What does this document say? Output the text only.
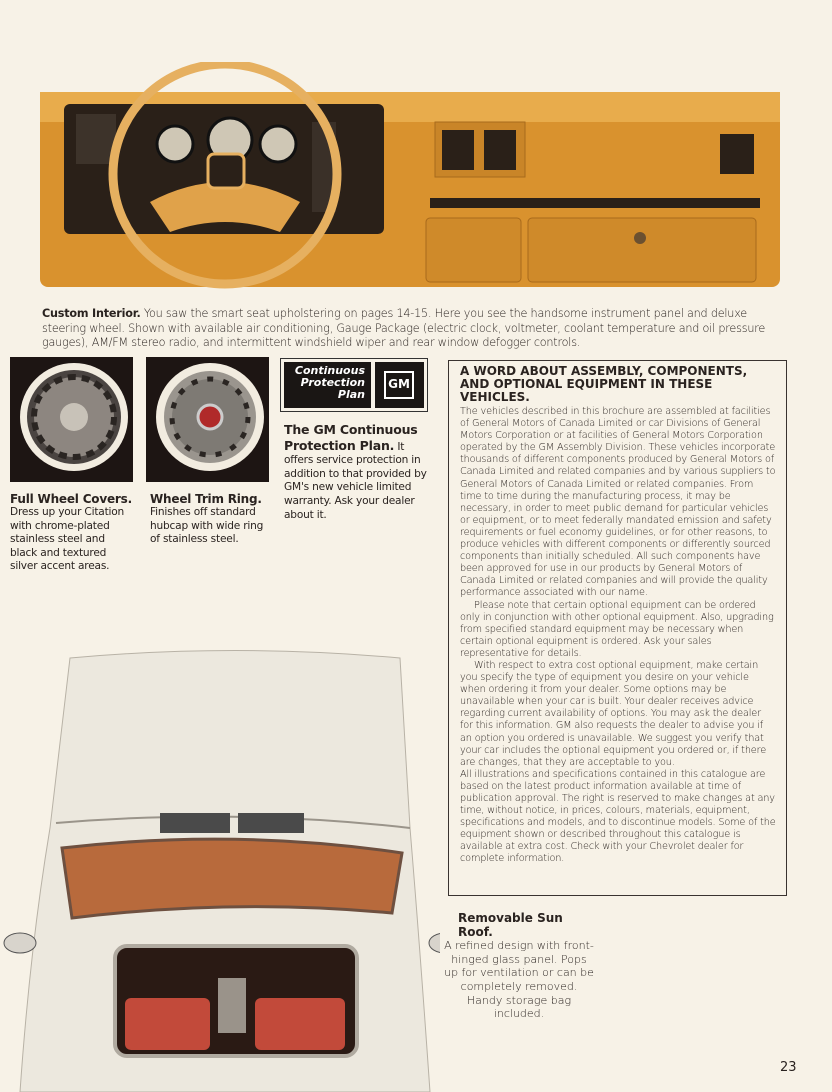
Custom Interior. You saw the smart seat upholstering on pages 14-15. Here you see the handsome instrument panel and deluxe steering wheel. Shown with available air conditioning, Gauge Package (electric clock, voltmeter, coolant temperature and oil pressure gauges), AM/FM stereo radio, and intermittent windshield wiper and rear window defogger controls.

Continuous
Protection
Plan
GM
Full Wheel Covers.
Dress up your Citation with chrome-plated stainless steel and black and textured silver accent areas.
Wheel Trim Ring.
Finishes off standard hubcap with wide ring of stainless steel.
The GM Continuous Protection Plan. It offers service protection in addition to that provided by GM's new vehicle limited warranty. Ask your dealer about it.
A WORD ABOUT ASSEMBLY, COMPONENTS, AND OPTIONAL EQUIPMENT IN THESE VEHICLES.

The vehicles described in this brochure are assembled at facilities of General Motors of Canada Limited or car Divisions of General Motors Corporation or at facilities of General Motors Corporation operated by the GM Assembly Division. These vehicles incorporate thousands of different components produced by General Motors of Canada Limited and related companies and by various suppliers to General Motors of Canada Limited or related companies. From time to time during the manufacturing process, it may be necessary, in order to meet public demand for particular vehicles or equipment, or to meet federally mandated emission and safety requirements or fuel economy guidelines, or for other reasons, to produce vehicles with different components or differently sourced components than initially scheduled. All such components have been approved for use in our products by General Motors of Canada Limited or related companies and will provide the quality performance associated with our name.

Please note that certain optional equipment can be ordered only in conjunction with other optional equipment. Also, upgrading from specified standard equipment may be necessary when certain optional equipment is ordered. Ask your sales representative for details.

With respect to extra cost optional equipment, make certain you specify the type of equipment you desire on your vehicle when ordering it from your dealer. Some options may be unavailable when your car is built. Your dealer receives advice regarding current availability of options. You may ask the dealer for this information. GM also requests the dealer to advise you if an option you ordered is unavailable. We suggest you verify that your car includes the optional equipment you ordered or, if there are changes, that they are acceptable to you.

All illustrations and specifications contained in this catalogue are based on the latest product information available at time of publication approval. The right is reserved to make changes at any time, without notice, in prices, colours, materials, equipment, specifications and models, and to discontinue models. Some of the equipment shown or described throughout this catalogue is available at extra cost. Check with your Chevrolet dealer for complete information.

Removable Sun Roof.
A refined design with front-hinged glass panel. Pops up for ventilation or can be completely removed. Handy storage bag included.
23
